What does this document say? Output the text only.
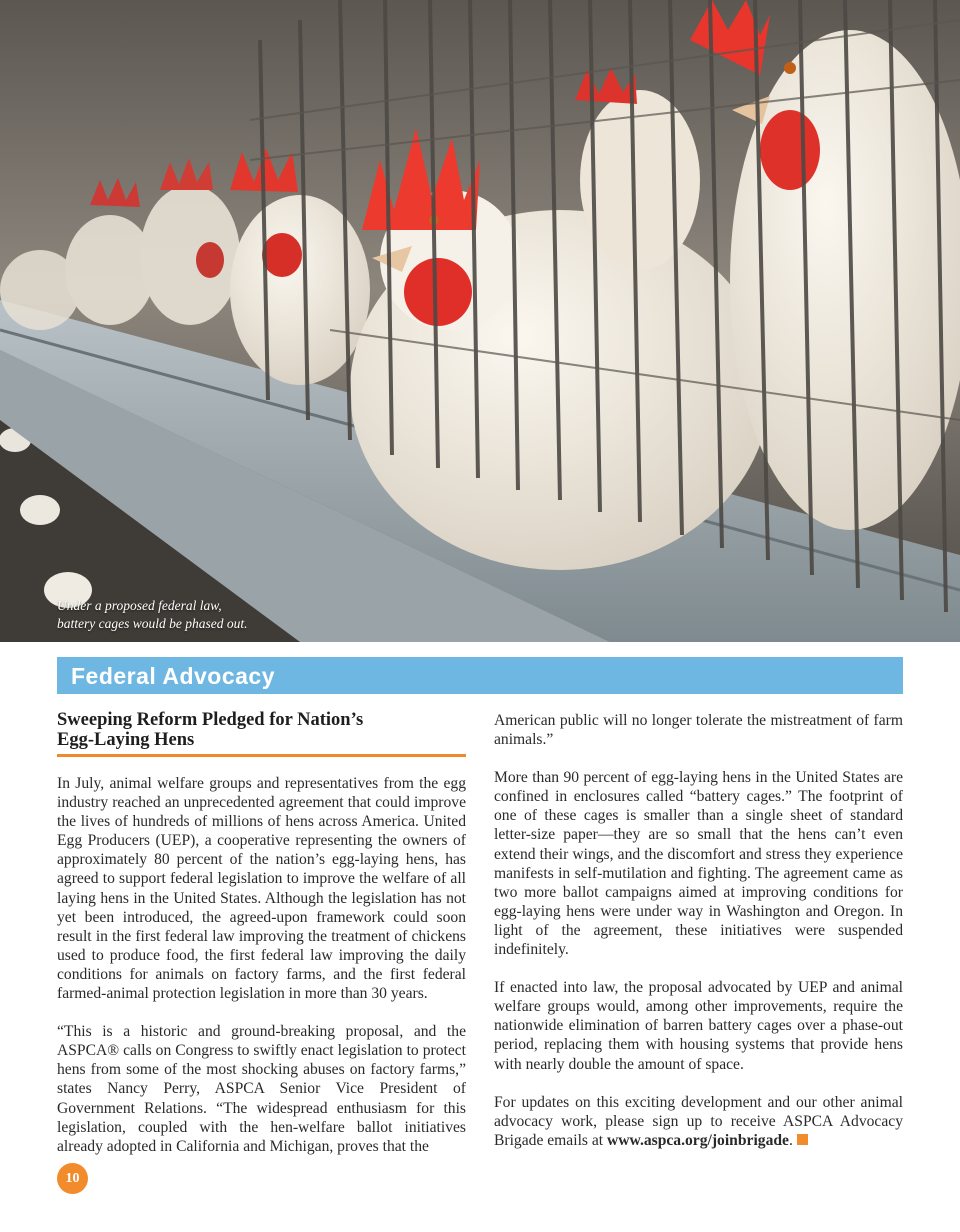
Under a proposed federal law,
battery cages would be phased out.
Federal Advocacy
Sweeping Reform Pledged for Nation’s
Egg-Laying Hens

In July, animal welfare groups and representatives from the egg industry reached an unprecedented agreement that could improve the lives of hundreds of millions of hens across America. United Egg Producers (UEP), a cooperative representing the owners of approximately 80 percent of the nation’s egg-laying hens, has agreed to support federal legislation to improve the welfare of all laying hens in the United States. Although the legislation has not yet been introduced, the agreed-upon framework could soon result in the first federal law improving the treatment of chickens used to produce food, the first federal law improving the daily conditions for animals on factory farms, and the first federal farmed-animal protection legislation in more than 30 years.

“This is a historic and ground-breaking proposal, and the ASPCA® calls on Congress to swiftly enact legislation to protect hens from some of the most shocking abuses on factory farms,” states Nancy Perry, ASPCA Senior Vice President of Government Relations. “The widespread enthusiasm for this legislation, coupled with the hen-welfare ballot initiatives already adopted in California and Michigan, proves that the

American public will no longer tolerate the mistreatment of farm animals.”

More than 90 percent of egg-laying hens in the United States are confined in enclosures called “battery cages.” The footprint of one of these cages is smaller than a single sheet of standard letter-size paper—they are so small that the hens can’t even extend their wings, and the discomfort and stress they experience manifests in self-mutilation and fighting. The agreement came as two more ballot campaigns aimed at improving conditions for egg-laying hens were under way in Washington and Oregon. In light of the agreement, these initiatives were suspended indefinitely.

If enacted into law, the proposal advocated by UEP and animal welfare groups would, among other improvements, require the nationwide elimination of barren battery cages over a phase-out period, replacing them with housing systems that provide hens with nearly double the amount of space.

For updates on this exciting development and our other animal advocacy work, please sign up to receive ASPCA Advocacy Brigade emails at www.aspca.org/joinbrigade.

10
